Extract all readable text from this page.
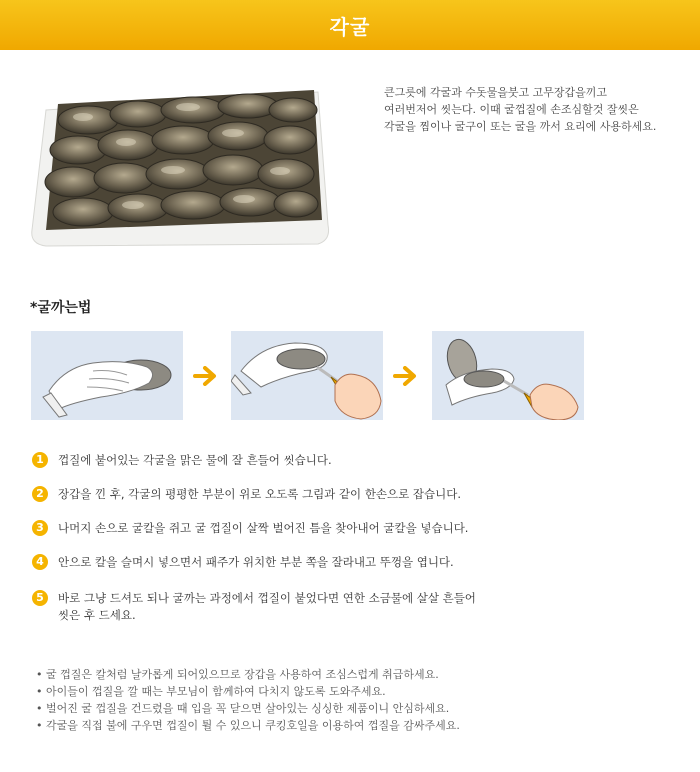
각굴

큰그릇에 각굴과 수돗물을붓고 고무장갑을끼고

여러번저어 씻는다. 이때 굴껍질에 손조심할것 잘씻은

각굴을 찜이나 굴구이 또는 굴을 까서 요리에 사용하세요.

*굴까는법
1	껍질에 붙어있는 각굴을 맑은 물에 잘 흔들어 씻습니다.

2	장갑을 낀 후, 각굴의 평평한 부분이 위로 오도록 그림과 같이 한손으로 잡습니다.

3	나머지 손으로 굴칼을 쥐고 굴 껍질이 살짝 벌어진 틈을 찾아내어 굴칼을 넣습니다.

4	안으로 칼을 슬며시 넣으면서 패주가 위치한 부분 쪽을 잘라내고 뚜껑을 엽니다.

5	바로 그냥 드셔도 되나 굴까는 과정에서 껍질이 붙었다면 연한 소금물에 살살 흔들어

씻은 후 드세요.

• 굴 껍질은 칼처럼 날카롭게 되어있으므로 장갑을 사용하여 조심스럽게 취급하세요.

• 아이들이 껍질을 깔 때는 부모님이 함께하여 다치지 않도록 도와주세요.

• 벌어진 굴 껍질을 건드렸을 때 입을 꼭 닫으면 살아있는 싱싱한 제품이니 안심하세요.

• 각굴을 직접 불에 구우면 껍질이 튈 수 있으니 쿠킹호일을 이용하여 껍질을 감싸주세요.
